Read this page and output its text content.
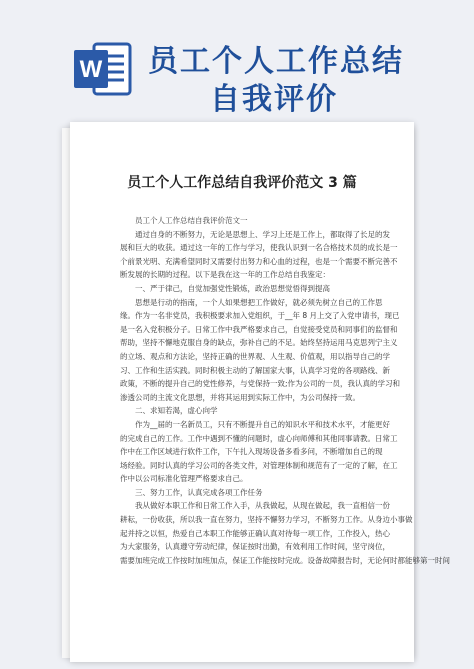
W 员工个人工作总结
自我评价
员工个人工作总结自我评价范文 3 篇
员工个人工作总结自我评价范文一
通过自身的不断努力，无论是思想上、学习上还是工作上，都取得了长足的发
展和巨大的收获。通过这一年的工作与学习，使我认识到一名合格技术员的成长是一
个前景光明、充满希望同时又需要付出努力和心血的过程，也是一个需要不断完善不
断发展的长期的过程。以下是我在这一年的工作总结自我鉴定：
一、严于律己，自觉加强党性锻炼，政治思想觉悟得到提高
思想是行动的指南，一个人如果想把工作做好，就必须先树立自己的工作思
缘。作为一名非党员，我积极要求加入党组织，于__年 8 月上交了入党申请书，现已
是一名入党积极分子。日常工作中我严格要求自己，自觉接受党员和同事们的监督和
帮助，坚持不懈地克服自身的缺点，弥补自己的不足。始终坚持运用马克思列宁主义
的立场、观点和方法论，坚持正确的世界观、人生观、价值观，用以指导自己的学
习、工作和生活实践。同时积极主动的了解国家大事，认真学习党的各项路线、新
政策，不断的提升自己的党性修养，与党保持一致;作为公司的一员，我认真的学习和
渗透公司的主流文化思想，并将其运用到实际工作中，为公司保持一致。
二、求知若渴，虚心向学
作为__届的一名新员工，只有不断提升自己的知识水平和技术水平，才能更好
的完成自己的工作。工作中遇到不懂的问题时，虚心向师傅和其他同事请教。日常工
作中在工作区域进行软件工作，下午扎入现场设备多看多问，不断增加自己的现
场经验。同时认真的学习公司的各类文件，对管理体制和规范有了一定的了解，在工
作中以公司标准化管理严格要求自己。
三、努力工作，认真完成各项工作任务
我从做好本职工作和日常工作入手，从我做起，从现在做起，我一直相信一份
耕耘，一份收获，所以我一直在努力，坚持不懈努力学习，不断努力工作。从身边小事做
起并持之以恒，热爱自己本职工作能够正确认真对待每一项工作，工作投入，热心
为大家服务，认真遵守劳动纪律，保证按时出勤，有效利用工作时间，坚守岗位，
需要加班完成工作按时加班加点，保证工作能按时完成。设备故障报告时，无论何时都能够第一时间
